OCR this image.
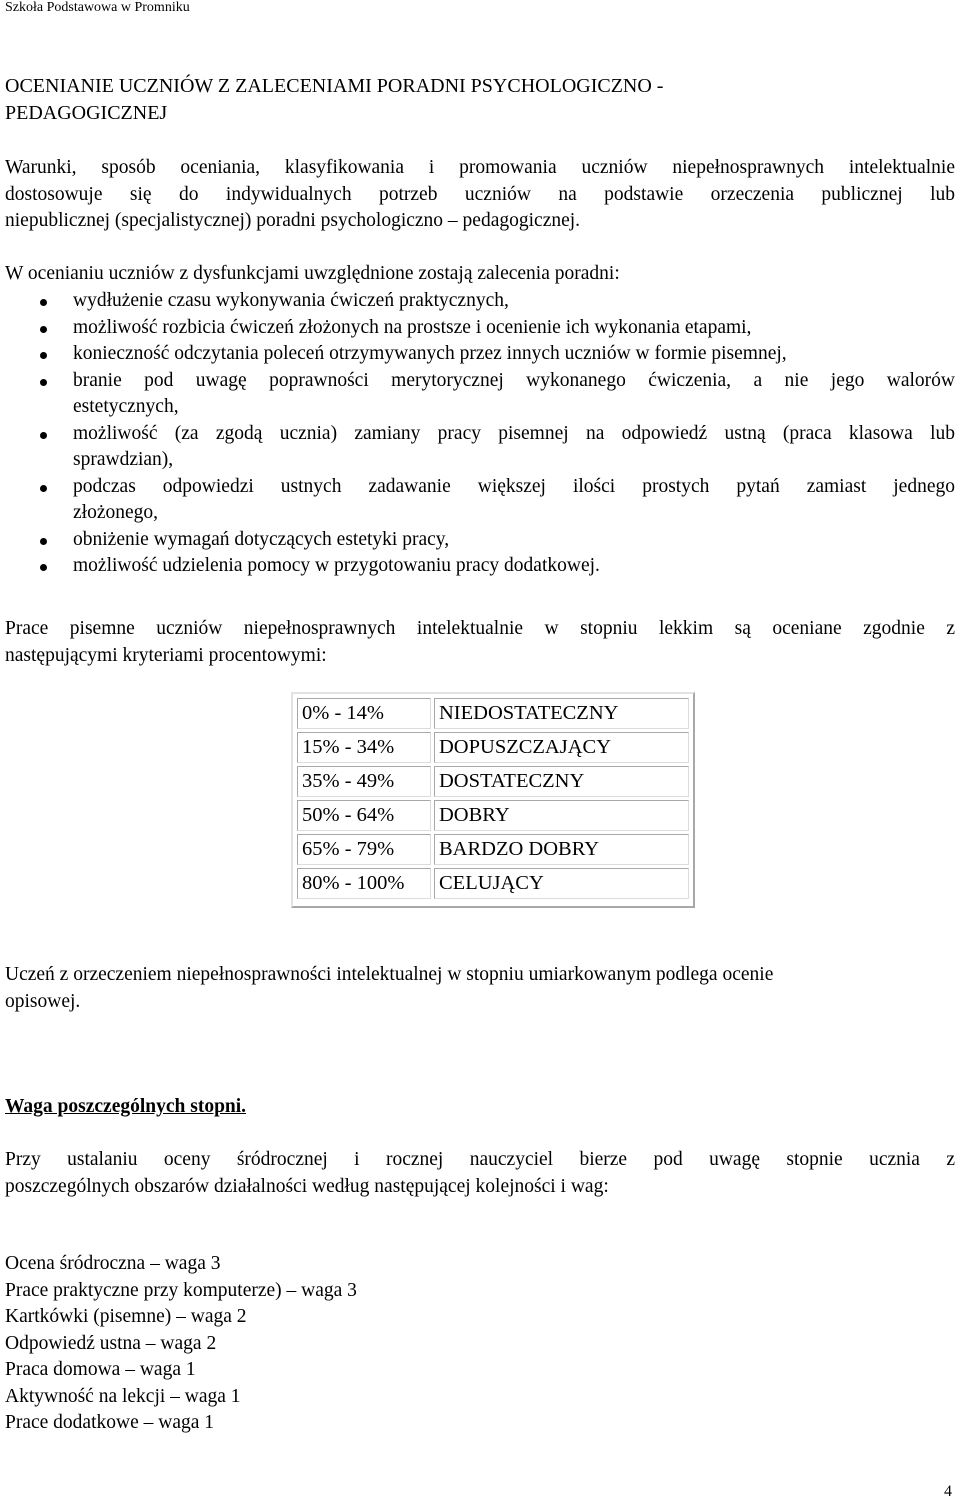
Szkoła Podstawowa w Promniku
OCENIANIE UCZNIÓW Z ZALECENIAMI PORADNI PSYCHOLOGICZNO -
PEDAGOGICZNEJ

Warunki, sposób oceniania, klasyfikowania i promowania uczniów niepełnosprawnych intelektualnie
dostosowuje się do indywidualnych potrzeb uczniów na podstawie orzeczenia publicznej lub
niepublicznej (specjalistycznej) poradni psychologiczno – pedagogicznej.

W ocenianiu uczniów z dysfunkcjami uwzględnione zostają zalecenia poradni:

wydłużenie czasu wykonywania ćwiczeń praktycznych,
możliwość rozbicia ćwiczeń złożonych na prostsze i ocenienie ich wykonania etapami,
konieczność odczytania poleceń otrzymywanych przez innych uczniów w formie pisemnej,
branie pod uwagę poprawności merytorycznej wykonanego ćwiczenia, a nie jego walorów
estetycznych,
możliwość (za zgodą ucznia) zamiany pracy pisemnej na odpowiedź ustną (praca klasowa lub
sprawdzian),
podczas odpowiedzi ustnych zadawanie większej ilości prostych pytań zamiast jednego
złożonego,
obniżenie wymagań dotyczących estetyki pracy,
możliwość udzielenia pomocy w przygotowaniu pracy dodatkowej.

Prace pisemne uczniów niepełnosprawnych intelektualnie w stopniu lekkim są oceniane zgodnie z
następującymi kryteriami procentowymi:

0% - 14%	NIEDOSTATECZNY
15% - 34%	DOPUSZCZAJĄCY
35% - 49%	DOSTATECZNY
50% - 64%	DOBRY
65% - 79%	BARDZO DOBRY
80% - 100%	CELUJĄCY

Uczeń z orzeczeniem niepełnosprawności intelektualnej w stopniu umiarkowanym podlega ocenie
opisowej.

Waga poszczególnych stopni.

Przy ustalaniu oceny śródrocznej i rocznej nauczyciel bierze pod uwagę stopnie ucznia z
poszczególnych obszarów działalności według następującej kolejności i wag:

Ocena śródroczna – waga 3
Prace praktyczne przy komputerze) – waga 3
Kartkówki (pisemne) – waga 2
Odpowiedź ustna – waga 2
Praca domowa – waga 1
Aktywność na lekcji – waga 1
Prace dodatkowe – waga 1
4
